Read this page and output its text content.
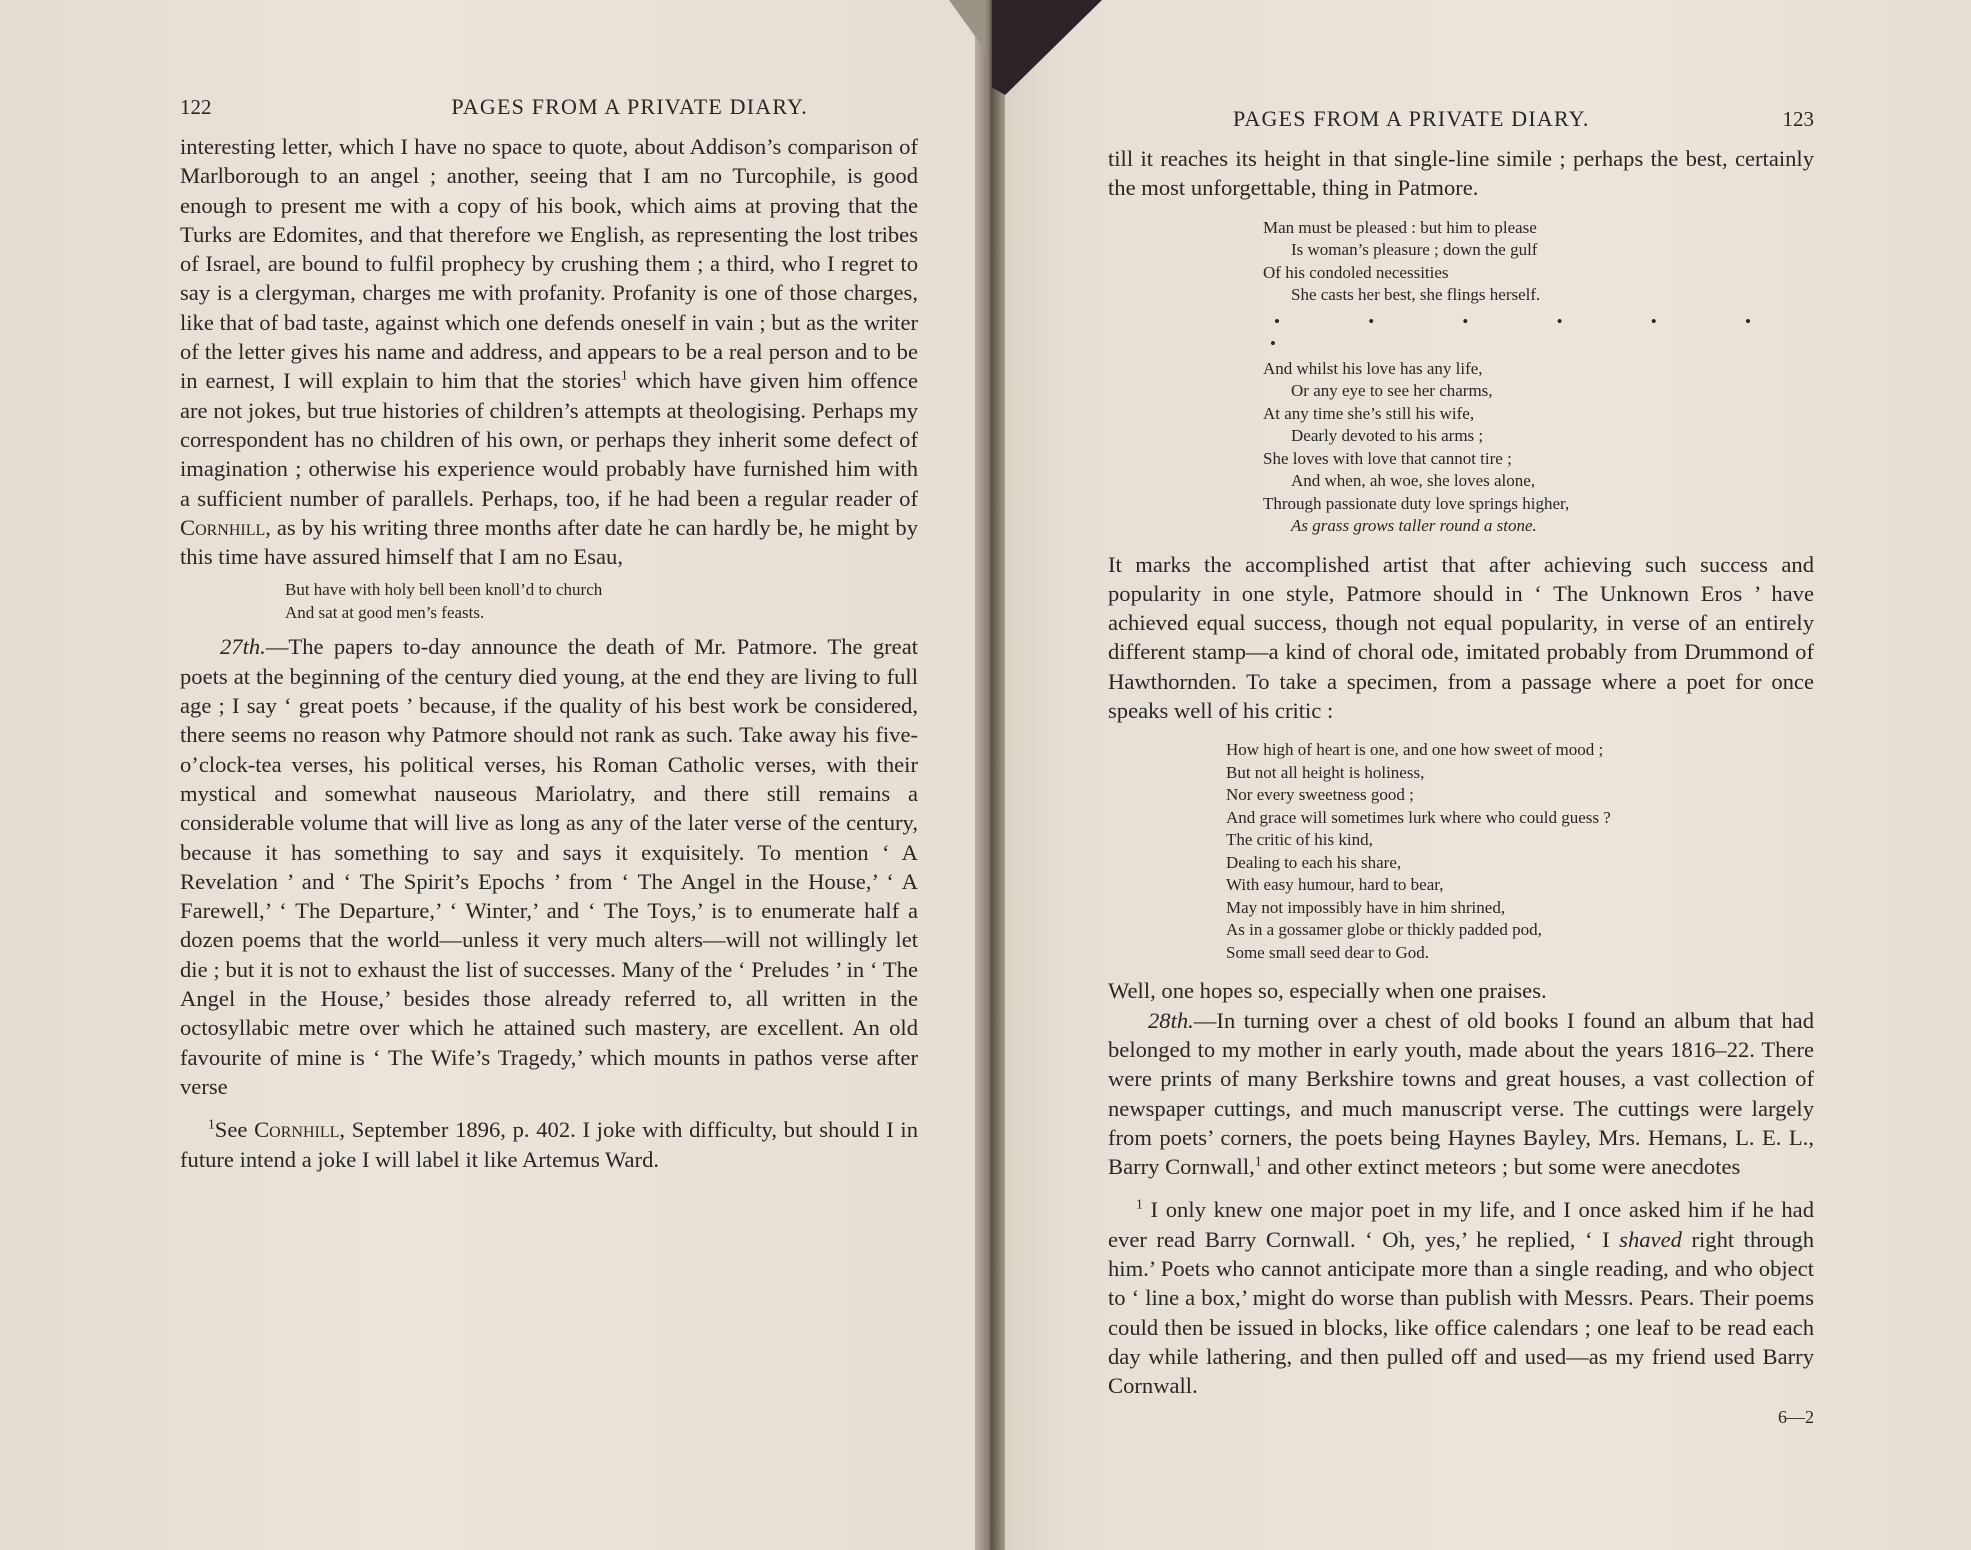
122	PAGES FROM A PRIVATE DIARY.

interesting letter, which I have no space to quote, about Addison’s comparison of Marlborough to an angel ; another, seeing that I am no Turcophile, is good enough to present me with a copy of his book, which aims at proving that the Turks are Edomites, and that therefore we English, as representing the lost tribes of Israel, are bound to fulfil prophecy by crushing them ; a third, who I regret to say is a clergyman, charges me with profanity. Profanity is one of those charges, like that of bad taste, against which one defends oneself in vain ; but as the writer of the letter gives his name and address, and appears to be a real person and to be in earnest, I will explain to him that the stories$^1$ which have given him offence are not jokes, but true histories of children’s attempts at theologising. Perhaps my correspondent has no children of his own, or perhaps they inherit some defect of imagination ; otherwise his experience would probably have furnished him with a sufficient number of parallels. Perhaps, too, if he had been a regular reader of Cornhill, as by his writing three months after date he can hardly be, he might by this time have assured himself that I am no Esau,

But have with holy bell been knoll’d to church
And sat at good men’s feasts.

27th.—The papers to-day announce the death of Mr. Patmore. The great poets at the beginning of the century died young, at the end they are living to full age ; I say ‘ great poets ’ because, if the quality of his best work be considered, there seems no reason why Patmore should not rank as such. Take away his five-o’clock-tea verses, his political verses, his Roman Catholic verses, with their mystical and somewhat nauseous Mariolatry, and there still remains a considerable volume that will live as long as any of the later verse of the century, because it has something to say and says it exquisitely. To mention ‘ A Revelation ’ and ‘ The Spirit’s Epochs ’ from ‘ The Angel in the House,’ ‘ A Farewell,’ ‘ The Departure,’ ‘ Winter,’ and ‘ The Toys,’ is to enumerate half a dozen poems that the world—unless it very much alters—will not willingly let die ; but it is not to exhaust the list of successes. Many of the ‘ Preludes ’ in ‘ The Angel in the House,’ besides those already referred to, all written in the octosyllabic metre over which he attained such mastery, are excellent. An old favourite of mine is ‘ The Wife’s Tragedy,’ which mounts in pathos verse after verse

$^1$See Cornhill, September 1896, p. 402. I joke with difficulty, but should I in future intend a joke I will label it like Artemus Ward.

PAGES FROM A PRIVATE DIARY.	123

till it reaches its height in that single-line simile ; perhaps the best, certainly the most unforgettable, thing in Patmore.

Man must be pleased : but him to please
Is woman’s pleasure ; down the gulf
Of his condoled necessities
She casts her best, she flings herself.
• • • • • • •
And whilst his love has any life,
Or any eye to see her charms,
At any time she’s still his wife,
Dearly devoted to his arms ;
She loves with love that cannot tire ;
And when, ah woe, she loves alone,
Through passionate duty love springs higher,
As grass grows taller round a stone.

It marks the accomplished artist that after achieving such success and popularity in one style, Patmore should in ‘ The Unknown Eros ’ have achieved equal success, though not equal popularity, in verse of an entirely different stamp—a kind of choral ode, imitated probably from Drummond of Hawthornden. To take a specimen, from a passage where a poet for once speaks well of his critic :

How high of heart is one, and one how sweet of mood ;
But not all height is holiness,
Nor every sweetness good ;
And grace will sometimes lurk where who could guess ?
The critic of his kind,
Dealing to each his share,
With easy humour, hard to bear,
May not impossibly have in him shrined,
As in a gossamer globe or thickly padded pod,
Some small seed dear to God.

Well, one hopes so, especially when one praises.

28th.—In turning over a chest of old books I found an album that had belonged to my mother in early youth, made about the years 1816–22. There were prints of many Berkshire towns and great houses, a vast collection of newspaper cuttings, and much manuscript verse. The cuttings were largely from poets’ corners, the poets being Haynes Bayley, Mrs. Hemans, L. E. L., Barry Cornwall,$^1$ and other extinct meteors ; but some were anecdotes

$^1$ I only knew one major poet in my life, and I once asked him if he had ever read Barry Cornwall. ‘ Oh, yes,’ he replied, ‘ I shaved right through him.’ Poets who cannot anticipate more than a single reading, and who object to ‘ line a box,’ might do worse than publish with Messrs. Pears. Their poems could then be issued in blocks, like office calendars ; one leaf to be read each day while lathering, and then pulled off and used—as my friend used Barry Cornwall.

6—2
